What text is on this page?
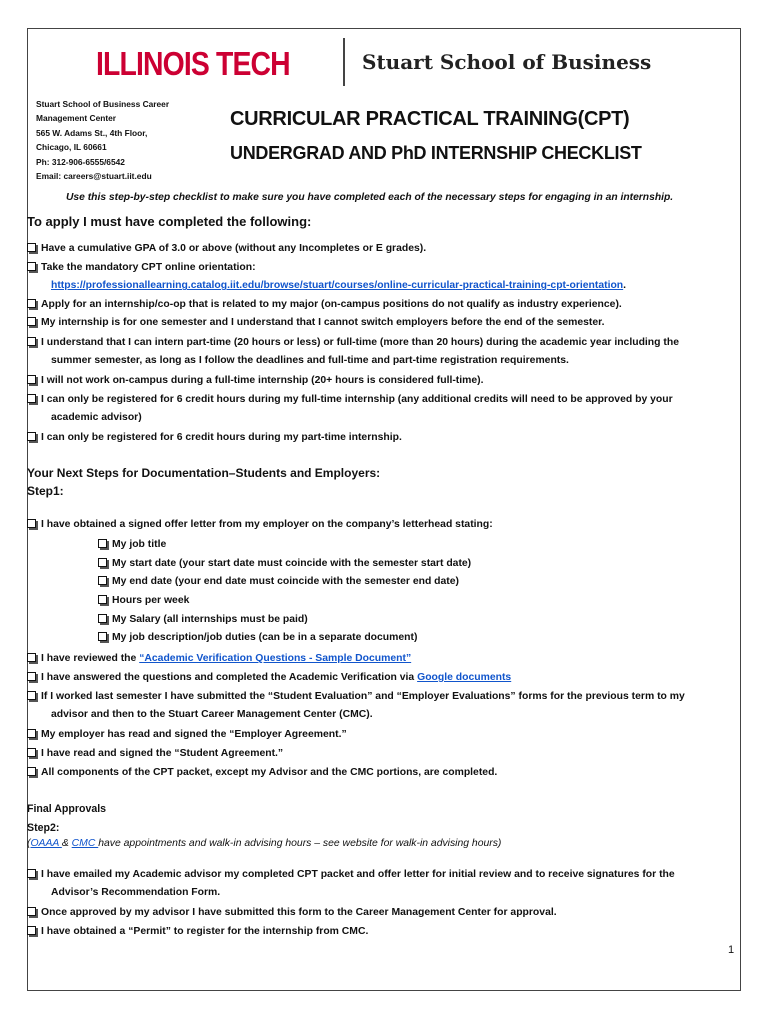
ILLINOIS TECH	Stuart School of Business
Stuart School of Business Career
Management Center
565 W. Adams St., 4th Floor,
Chicago, IL 60661
Ph: 312-906-6555/6542
Email: careers@stuart.iit.edu
CURRICULAR PRACTICAL TRAINING(CPT)
UNDERGRAD AND PhD INTERNSHIP CHECKLIST
Use this step-by-step checklist to make sure you have completed each of the necessary steps for engaging in an internship.
To apply I must have completed the following:
Have a cumulative GPA of 3.0 or above (without any Incompletes or E grades).
Take the mandatory CPT online orientation:
https://professionallearning.catalog.iit.edu/browse/stuart/courses/online-curricular-practical-training-cpt-orientation.
Apply for an internship/co-op that is related to my major (on-campus positions do not qualify as industry experience).
My internship is for one semester and I understand that I cannot switch employers before the end of the semester.
I understand that I can intern part-time (20 hours or less) or full-time (more than 20 hours) during the academic year including the
summer semester, as long as I follow the deadlines and full-time and part-time registration requirements.
I will not work on-campus during a full-time internship (20+ hours is considered full-time).
I can only be registered for 6 credit hours during my full-time internship (any additional credits will need to be approved by your
academic advisor)
I can only be registered for 6 credit hours during my part-time internship.
Your Next Steps for Documentation–Students and Employers:
Step1:
I have obtained a signed offer letter from my employer on the company’s letterhead stating:
My job title
My start date (your start date must coincide with the semester start date)
My end date (your end date must coincide with the semester end date)
Hours per week
My Salary (all internships must be paid)
My job description/job duties (can be in a separate document)
I have reviewed the “Academic Verification Questions - Sample Document”
I have answered the questions and completed the Academic Verification via Google documents
If I worked last semester I have submitted the “Student Evaluation” and “Employer Evaluations” forms for the previous term to my
advisor and then to the Stuart Career Management Center (CMC).
My employer has read and signed the “Employer Agreement.”
I have read and signed the “Student Agreement.”
All components of the CPT packet, except my Advisor and the CMC portions, are completed.
Final Approvals
Step2:
(OAAA & CMC have appointments and walk-in advising hours – see website for walk-in advising hours)
I have emailed my Academic advisor my completed CPT packet and offer letter for initial review and to receive signatures for the
Advisor’s Recommendation Form.
Once approved by my advisor I have submitted this form to the Career Management Center for approval.
I have obtained a “Permit” to register for the internship from CMC.
1
